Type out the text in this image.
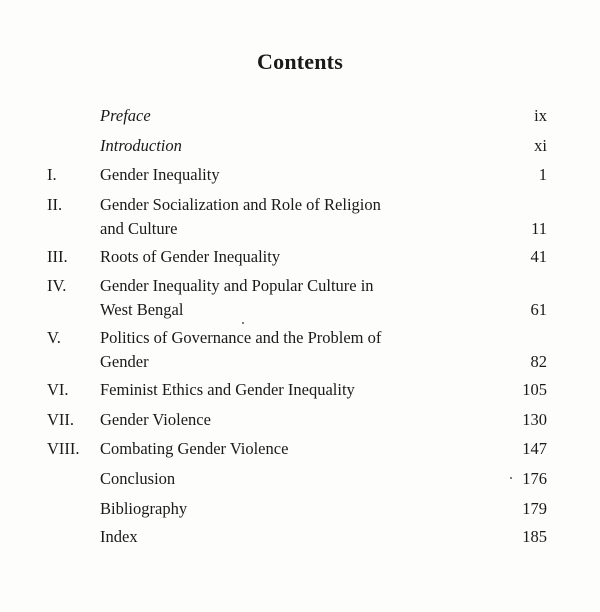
Contents
Preface	ix
Introduction	xi
I.	Gender Inequality	1
II. Gender Socialization and Role of Religion
and Culture	11
III. Roots of Gender Inequality	41
IV. Gender Inequality and Popular Culture in
West Bengal	61
V. Politics of Governance and the Problem of
Gender	82
VI. Feminist Ethics and Gender Inequality	105
VII. Gender Violence	130
VIII. Combating Gender Violence	147
Conclusion	176
Bibliography	179
Index	185
